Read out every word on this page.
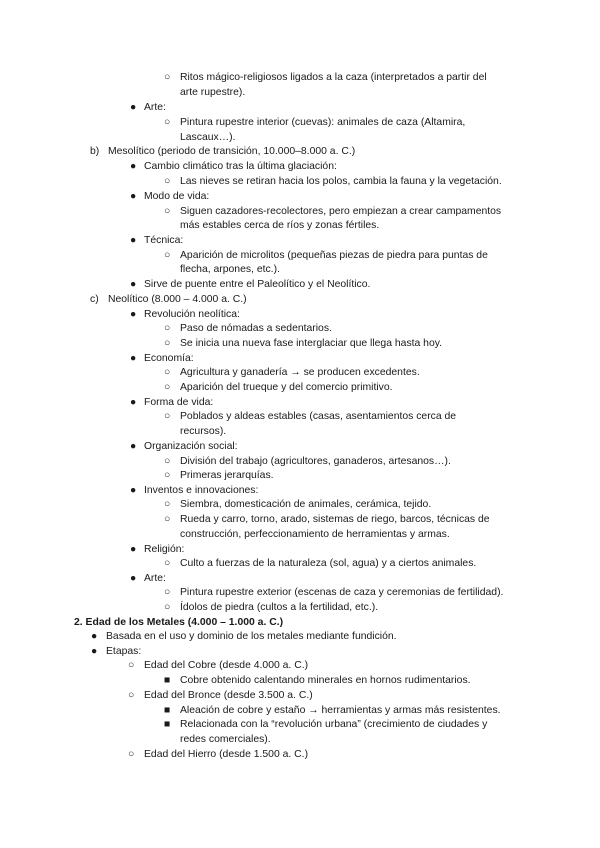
○ Ritos mágico-religiosos ligados a la caza (interpretados a partir del
arte rupestre).
● Arte:
○ Pintura rupestre interior (cuevas): animales de caza (Altamira,
Lascaux…).
b) Mesolítico (periodo de transición, 10.000–8.000 a. C.)
● Cambio climático tras la última glaciación:
○ Las nieves se retiran hacia los polos, cambia la fauna y la vegetación.
● Modo de vida:
○ Siguen cazadores-recolectores, pero empiezan a crear campamentos
más estables cerca de ríos y zonas fértiles.
● Técnica:
○ Aparición de microlitos (pequeñas piezas de piedra para puntas de
flecha, arpones, etc.).
● Sirve de puente entre el Paleolítico y el Neolítico.
c) Neolítico (8.000 – 4.000 a. C.)
● Revolución neolítica:
○ Paso de nómadas a sedentarios.
○ Se inicia una nueva fase interglaciar que llega hasta hoy.
● Economía:
○ Agricultura y ganadería → se producen excedentes.
○ Aparición del trueque y del comercio primitivo.
● Forma de vida:
○ Poblados y aldeas estables (casas, asentamientos cerca de
recursos).
● Organización social:
○ División del trabajo (agricultores, ganaderos, artesanos…).
○ Primeras jerarquías.
● Inventos e innovaciones:
○ Siembra, domesticación de animales, cerámica, tejido.
○ Rueda y carro, torno, arado, sistemas de riego, barcos, técnicas de
construcción, perfeccionamiento de herramientas y armas.
● Religión:
○ Culto a fuerzas de la naturaleza (sol, agua) y a ciertos animales.
● Arte:
○ Pintura rupestre exterior (escenas de caza y ceremonias de fertilidad).
○ Ídolos de piedra (cultos a la fertilidad, etc.).
2. Edad de los Metales (4.000 – 1.000 a. C.)
● Basada en el uso y dominio de los metales mediante fundición.
● Etapas:
○ Edad del Cobre (desde 4.000 a. C.)
■ Cobre obtenido calentando minerales en hornos rudimentarios.
○ Edad del Bronce (desde 3.500 a. C.)
■ Aleación de cobre y estaño → herramientas y armas más resistentes.
■ Relacionada con la “revolución urbana” (crecimiento de ciudades y
redes comerciales).
○ Edad del Hierro (desde 1.500 a. C.)
